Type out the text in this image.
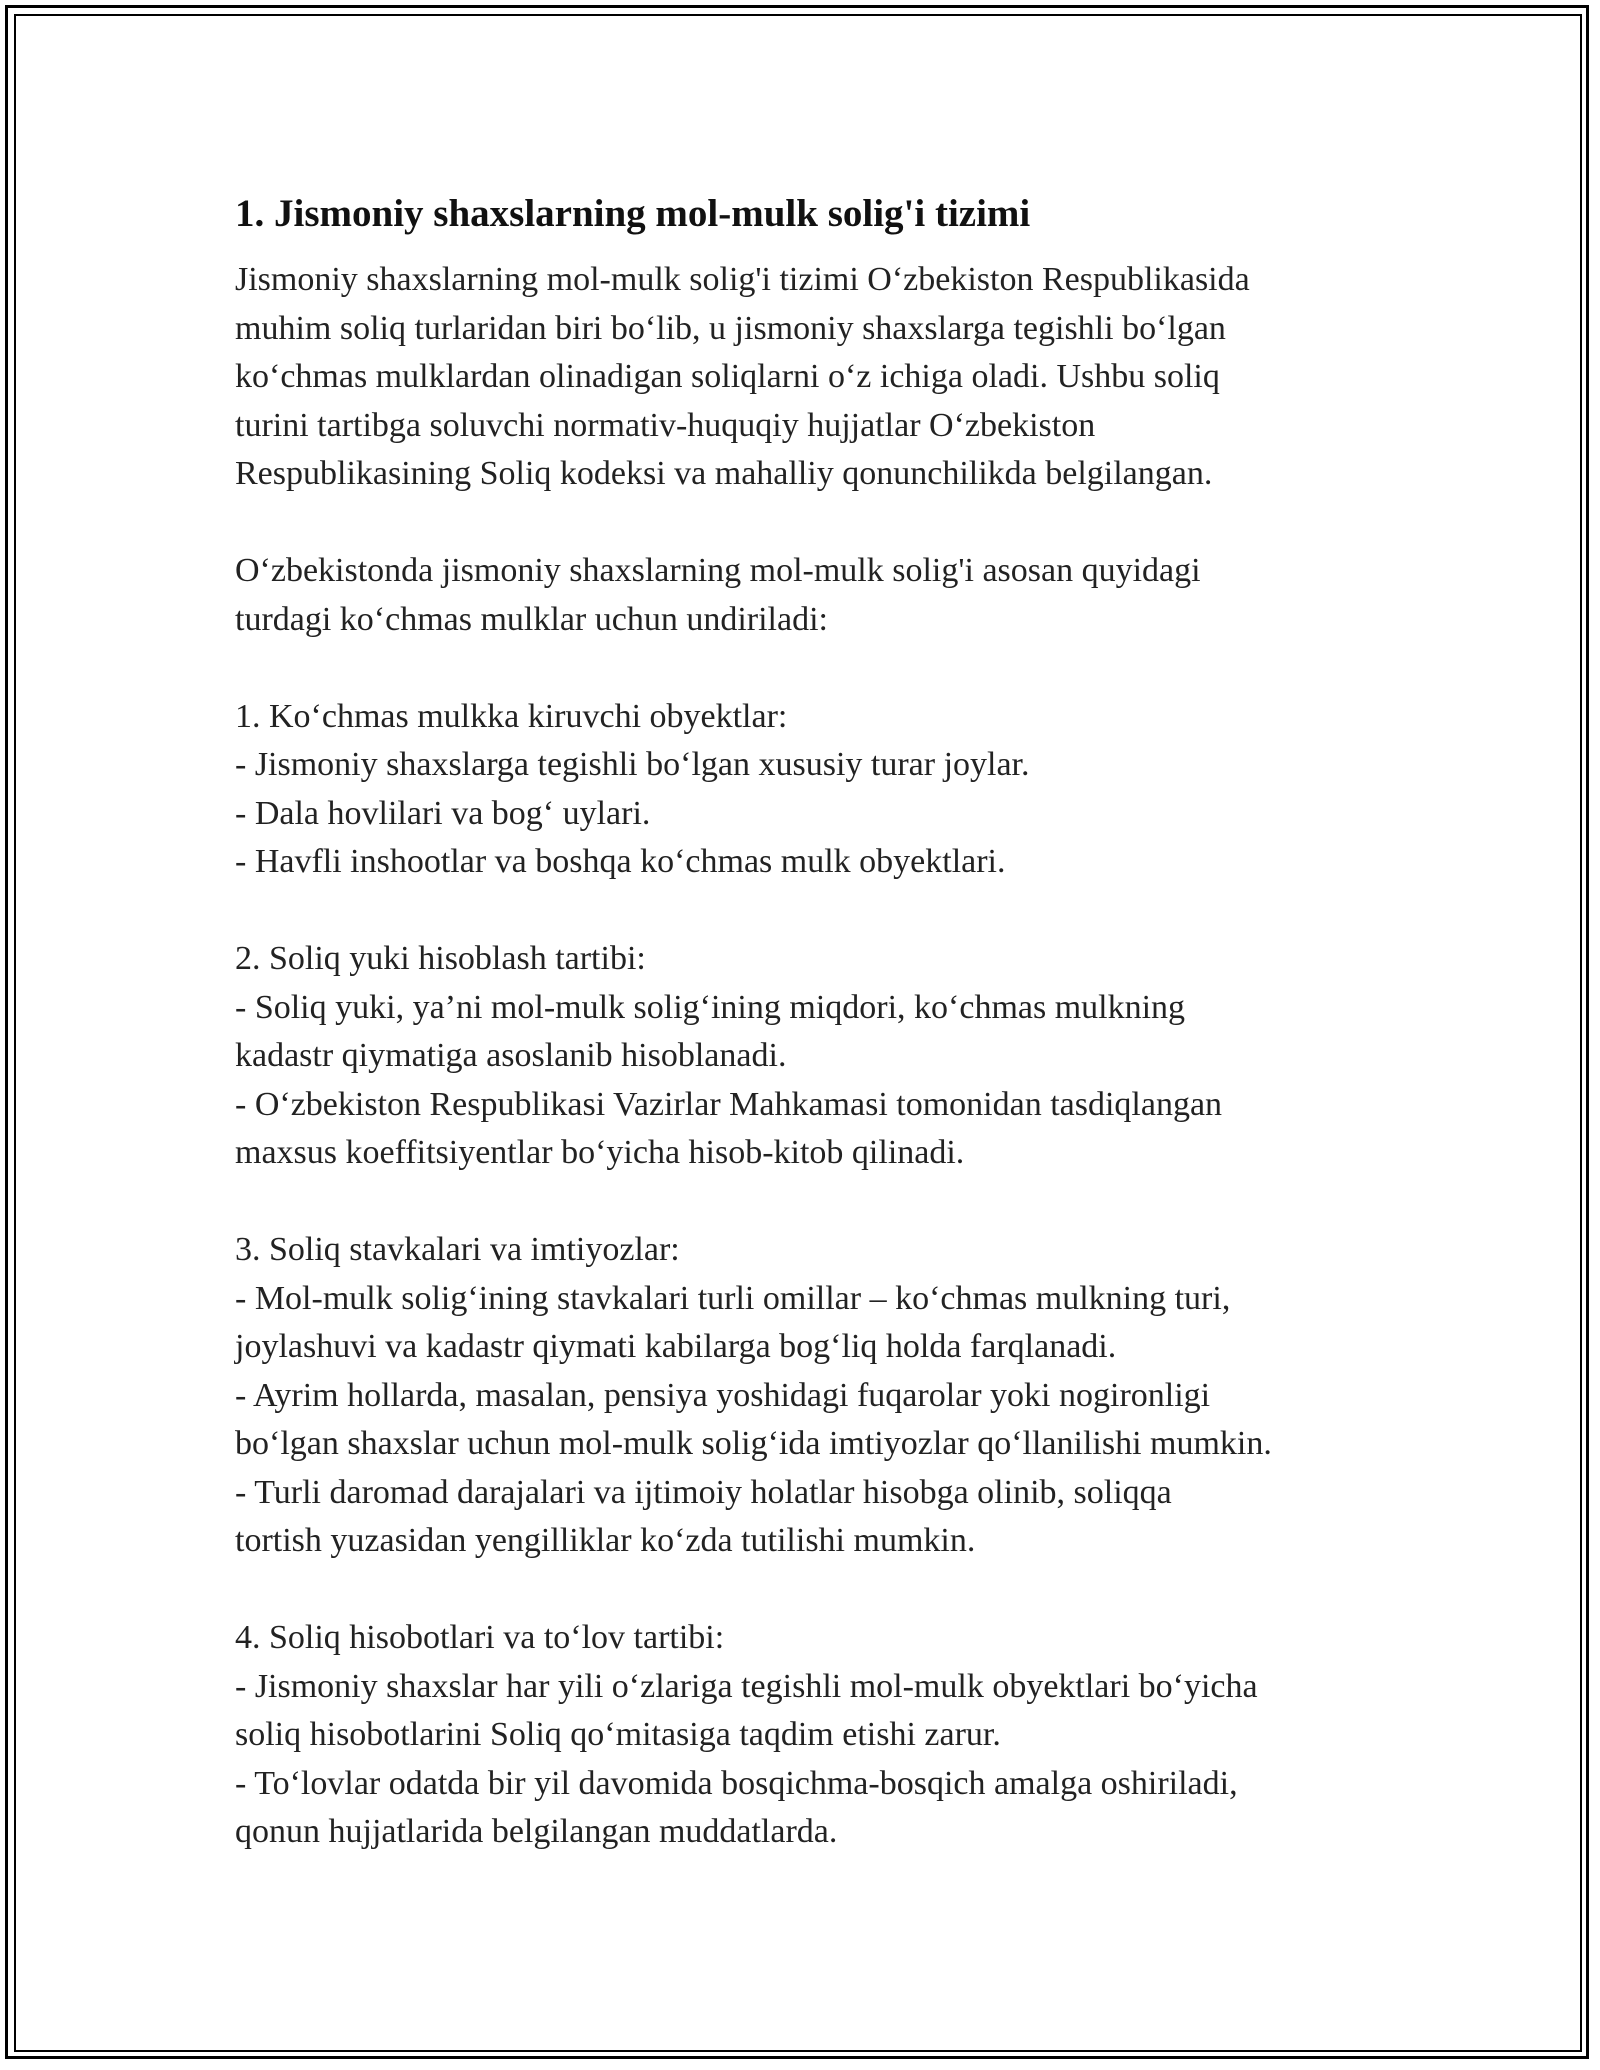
1. Jismoniy shaxslarning mol-mulk solig'i tizimi

Jismoniy shaxslarning mol-mulk solig'i tizimi O‘zbekiston Respublikasida
muhim soliq turlaridan biri bo‘lib, u jismoniy shaxslarga tegishli bo‘lgan
ko‘chmas mulklardan olinadigan soliqlarni o‘z ichiga oladi. Ushbu soliq
turini tartibga soluvchi normativ-huquqiy hujjatlar O‘zbekiston
Respublikasining Soliq kodeksi va mahalliy qonunchilikda belgilangan.

O‘zbekistonda jismoniy shaxslarning mol-mulk solig'i asosan quyidagi
turdagi ko‘chmas mulklar uchun undiriladi:

1. Ko‘chmas mulkka kiruvchi obyektlar:

- Jismoniy shaxslarga tegishli bo‘lgan xususiy turar joylar.

- Dala hovlilari va bog‘ uylari.

- Havfli inshootlar va boshqa ko‘chmas mulk obyektlari.

2. Soliq yuki hisoblash tartibi:

- Soliq yuki, ya’ni mol-mulk solig‘ining miqdori, ko‘chmas mulkning
kadastr qiymatiga asoslanib hisoblanadi.

- O‘zbekiston Respublikasi Vazirlar Mahkamasi tomonidan tasdiqlangan
maxsus koeffitsiyentlar bo‘yicha hisob-kitob qilinadi.

3. Soliq stavkalari va imtiyozlar:

- Mol-mulk solig‘ining stavkalari turli omillar – ko‘chmas mulkning turi,
joylashuvi va kadastr qiymati kabilarga bog‘liq holda farqlanadi.

- Ayrim hollarda, masalan, pensiya yoshidagi fuqarolar yoki nogironligi
bo‘lgan shaxslar uchun mol-mulk solig‘ida imtiyozlar qo‘llanilishi mumkin.

- Turli daromad darajalari va ijtimoiy holatlar hisobga olinib, soliqqa
tortish yuzasidan yengilliklar ko‘zda tutilishi mumkin.

4. Soliq hisobotlari va to‘lov tartibi:

- Jismoniy shaxslar har yili o‘zlariga tegishli mol-mulk obyektlari bo‘yicha
soliq hisobotlarini Soliq qo‘mitasiga taqdim etishi zarur.

- To‘lovlar odatda bir yil davomida bosqichma-bosqich amalga oshiriladi,
qonun hujjatlarida belgilangan muddatlarda.
